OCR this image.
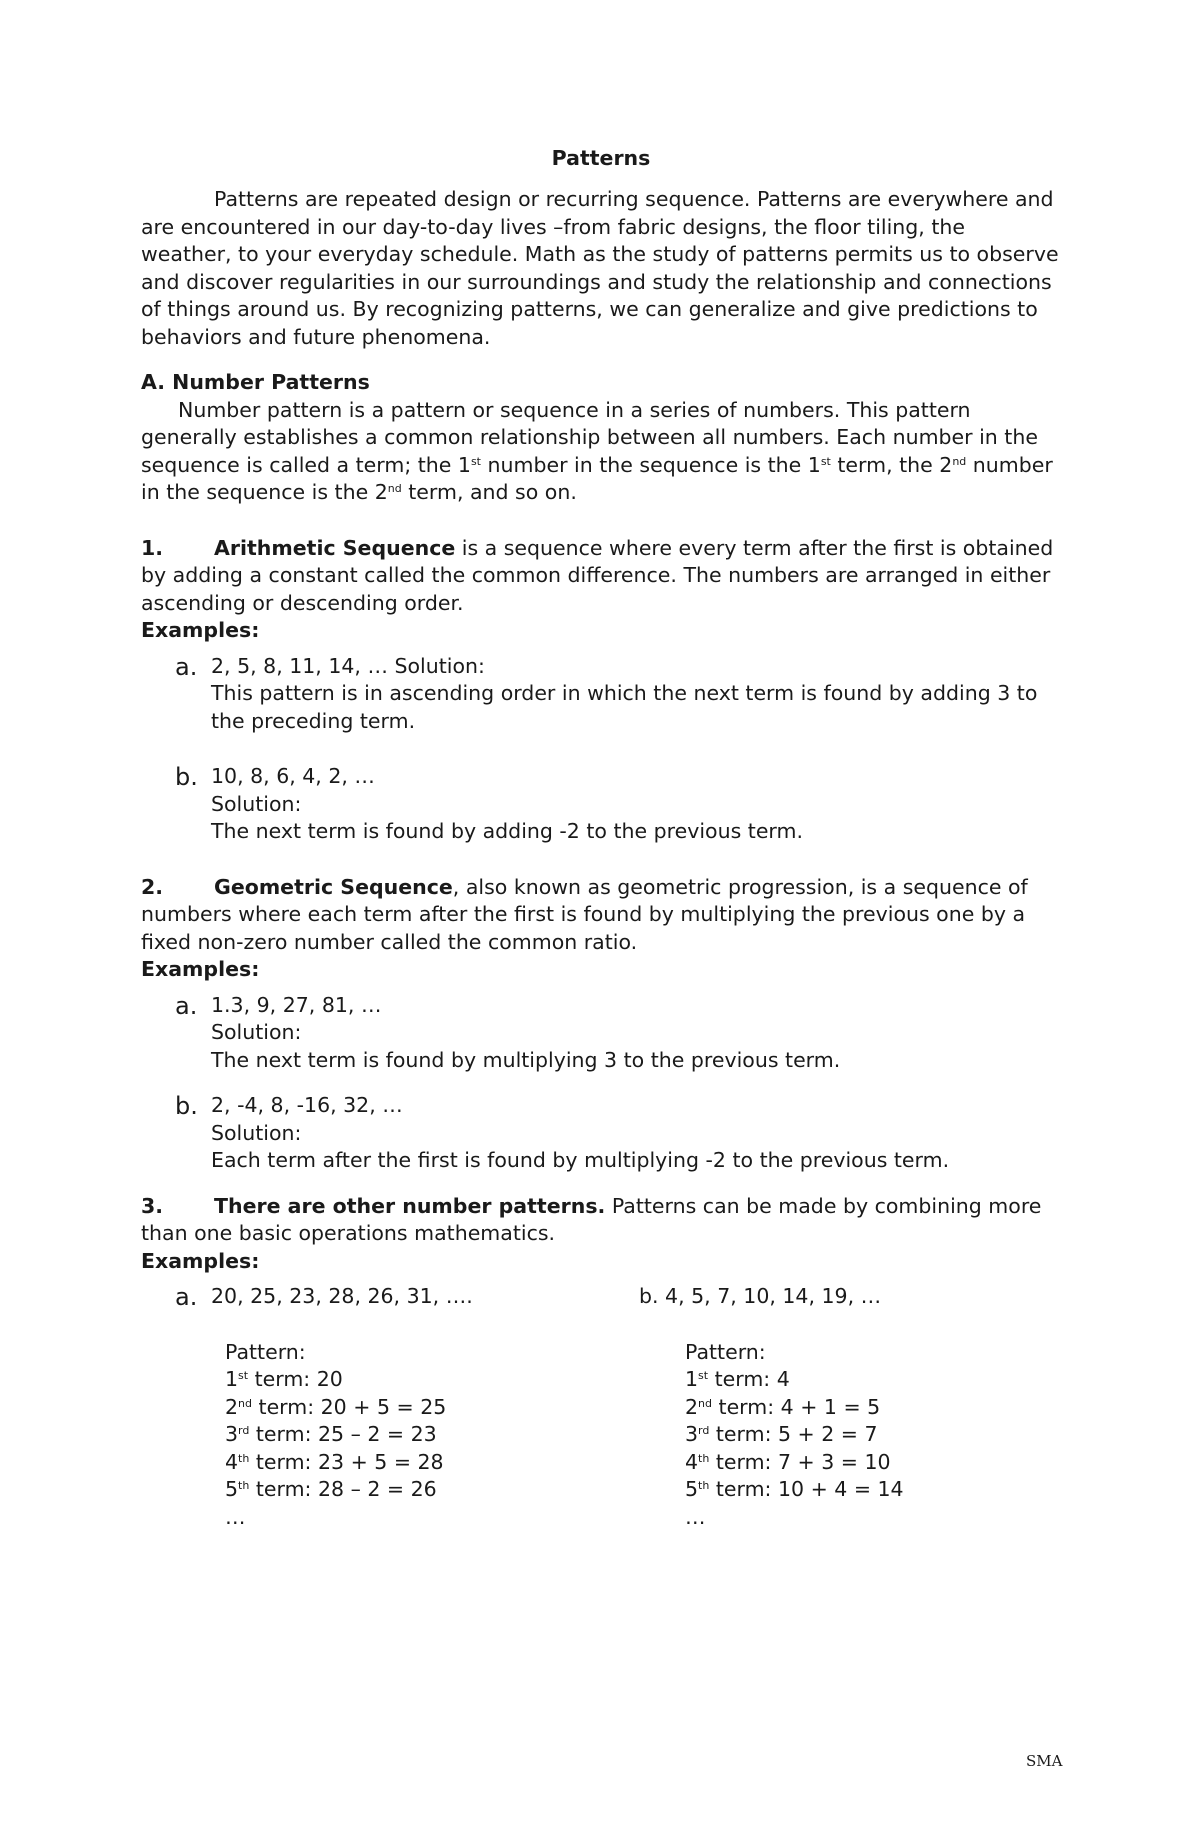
Patterns

Patterns are repeated design or recurring sequence. Patterns are everywhere and are encountered in our day-to-day lives –from fabric designs, the floor tiling, the weather, to your everyday schedule. Math as the study of patterns permits us to observe and discover regularities in our surroundings and study the relationship and connections of things around us. By recognizing patterns, we can generalize and give predictions to behaviors and future phenomena.

A. Number Patterns

Number pattern is a pattern or sequence in a series of numbers. This pattern generally establishes a common relationship between all numbers. Each number in the sequence is called a term; the 1st number in the sequence is the 1st term, the 2nd number in the sequence is the 2nd term, and so on.

1. Arithmetic Sequence is a sequence where every term after the first is obtained by adding a constant called the common difference. The numbers are arranged in either ascending or descending order.

Examples:

a. 2, 5, 8, 11, 14, … Solution:
This pattern is in ascending order in which the next term is found by adding 3 to the preceding term.
b. 10, 8, 6, 4, 2, …
Solution:
The next term is found by adding -2 to the previous term.

2. Geometric Sequence, also known as geometric progression, is a sequence of numbers where each term after the first is found by multiplying the previous one by a fixed non-zero number called the common ratio.

Examples:

a. 1.3, 9, 27, 81, …
Solution:
The next term is found by multiplying 3 to the previous term.
b. 2, -4, 8, -16, 32, …
Solution:
Each term after the first is found by multiplying -2 to the previous term.

3. There are other number patterns. Patterns can be made by combining more than one basic operations mathematics.

Examples:

a. 20, 25, 23, 28, 26, 31, ….
Pattern:
1st term: 20
2nd term: 20 + 5 = 25
3rd term: 25 – 2 = 23
4th term: 23 + 5 = 28
5th term: 28 – 2 = 26
…
b. 4, 5, 7, 10, 14, 19, …
Pattern:
1st term: 4
2nd term: 4 + 1 = 5
3rd term: 5 + 2 = 7
4th term: 7 + 3 = 10
5th term: 10 + 4 = 14
…
SMA
